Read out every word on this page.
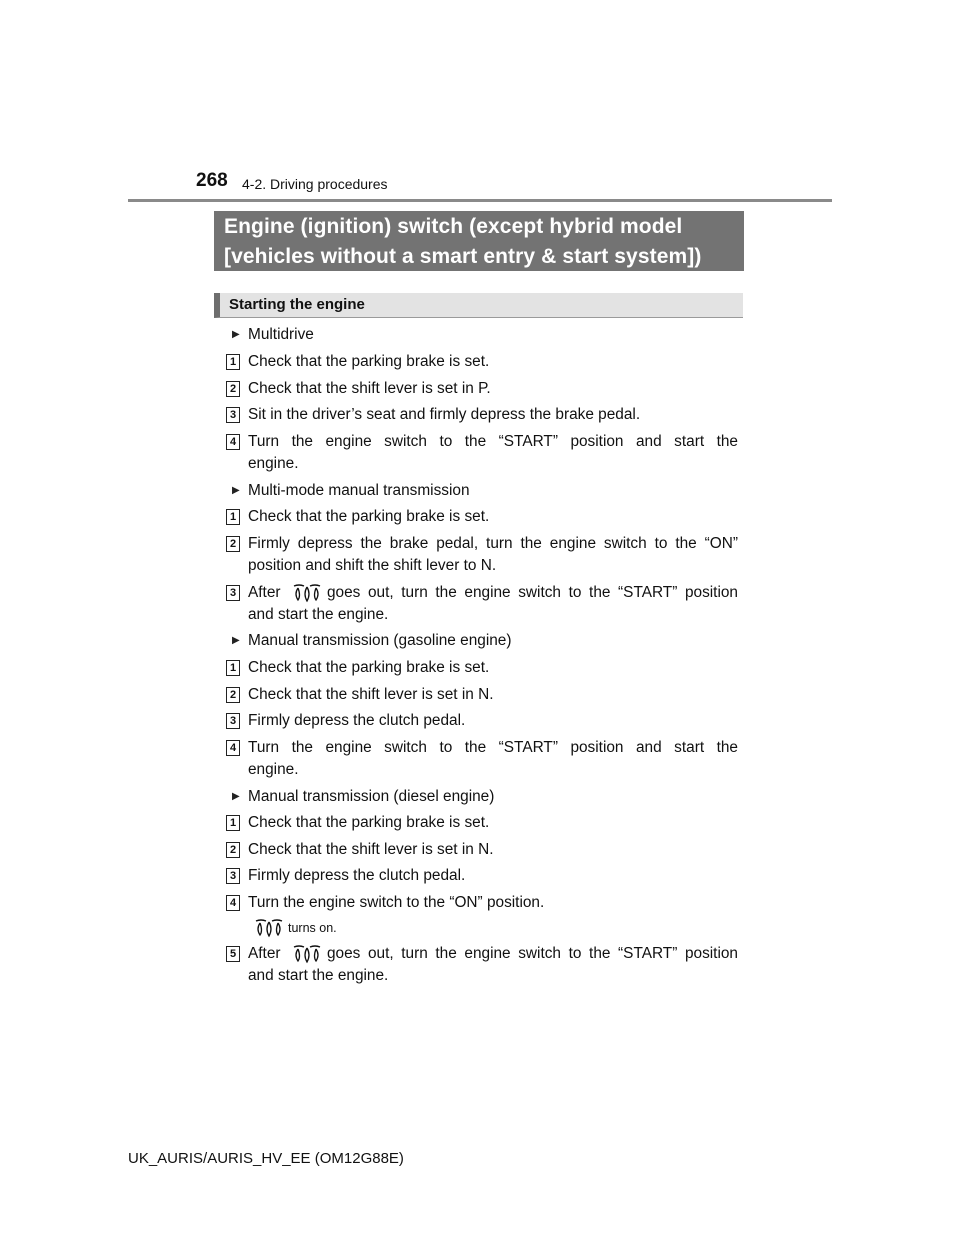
268 4-2. Driving procedures
Engine (ignition) switch (except hybrid model
[vehicles without a smart entry & start system])
Starting the engine
▶ Multidrive
1 Check that the parking brake is set.
2 Check that the shift lever is set in P.
3 Sit in the driver’s seat and firmly depress the brake pedal.
4 Turn the engine switch to the “START” position and start the
engine.
▶ Multi-mode manual transmission
1 Check that the parking brake is set.
2 Firmly depress the brake pedal, turn the engine switch to the “ON”
position and shift the shift lever to N.
3 After	goes out, turn the engine switch to the “START” position
and start the engine.
▶ Manual transmission (gasoline engine)
1 Check that the parking brake is set.
2 Check that the shift lever is set in N.
3 Firmly depress the clutch pedal.
4 Turn the engine switch to the “START” position and start the
engine.
▶ Manual transmission (diesel engine)
1 Check that the parking brake is set.
2 Check that the shift lever is set in N.
3 Firmly depress the clutch pedal.
4 Turn the engine switch to the “ON” position.
turns on.
5 After	goes out, turn the engine switch to the “START” position
and start the engine.
UK_AURIS/AURIS_HV_EE (OM12G88E)
